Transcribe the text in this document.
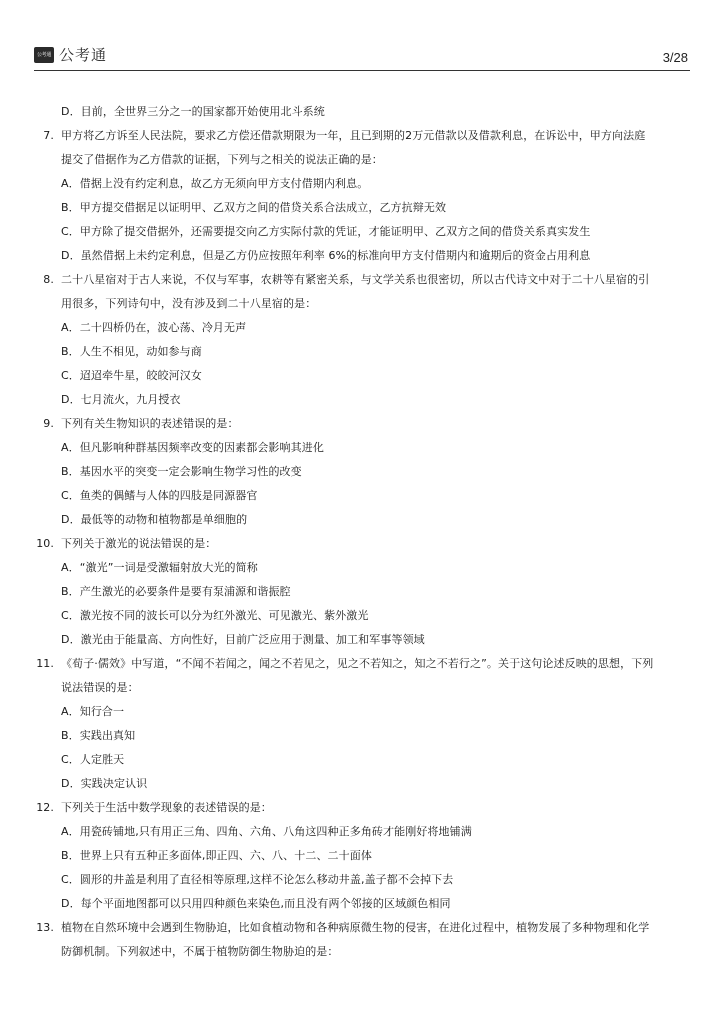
公考通 公考通	3/28
D．目前，全世界三分之一的国家都开始使用北斗系统
7. 甲方将乙方诉至人民法院，要求乙方偿还借款期限为一年，且已到期的2万元借款以及借款利息，在诉讼中，甲方向法庭
提交了借据作为乙方借款的证据，下列与之相关的说法正确的是：
A．借据上没有约定利息，故乙方无须向甲方支付借期内利息。
B．甲方提交借据足以证明甲、乙双方之间的借贷关系合法成立，乙方抗辩无效
C．甲方除了提交借据外，还需要提交向乙方实际付款的凭证，才能证明甲、乙双方之间的借贷关系真实发生
D．虽然借据上未约定利息，但是乙方仍应按照年利率 6%的标准向甲方支付借期内和逾期后的资金占用利息
8. 二十八星宿对于古人来说，不仅与军事，农耕等有紧密关系，与文学关系也很密切，所以古代诗文中对于二十八星宿的引
用很多，下列诗句中，没有涉及到二十八星宿的是：
A．二十四桥仍在，波心荡、冷月无声
B．人生不相见，动如参与商
C．迢迢牵牛星，皎皎河汉女
D．七月流火，九月授衣
9. 下列有关生物知识的表述错误的是：
A．但凡影响种群基因频率改变的因素都会影响其进化
B．基因水平的突变一定会影响生物学习性的改变
C．鱼类的偶鳍与人体的四肢是同源器官
D．最低等的动物和植物都是单细胞的
10. 下列关于激光的说法错误的是：
A．“激光”一词是受激辐射放大光的简称
B．产生激光的必要条件是要有泵浦源和谐振腔
C．激光按不同的波长可以分为红外激光、可见激光、紫外激光
D．激光由于能量高、方向性好，目前广泛应用于测量、加工和军事等领域
11. 《荀子·儒效》中写道，“不闻不若闻之，闻之不若见之，见之不若知之，知之不若行之”。关于这句论述反映的思想，下列
说法错误的是：
A．知行合一
B．实践出真知
C．人定胜天
D．实践决定认识
12. 下列关于生活中数学现象的表述错误的是：
A．用瓷砖铺地,只有用正三角、四角、六角、八角这四种正多角砖才能刚好将地铺满
B．世界上只有五种正多面体,即正四、六、八、十二、二十面体
C．圆形的井盖是利用了直径相等原理,这样不论怎么移动井盖,盖子都不会掉下去
D．每个平面地图都可以只用四种颜色来染色,而且没有两个邻接的区域颜色相同
13. 植物在自然环境中会遇到生物胁迫，比如食植动物和各种病原微生物的侵害，在进化过程中，植物发展了多种物理和化学
防御机制。下列叙述中，不属于植物防御生物胁迫的是：
